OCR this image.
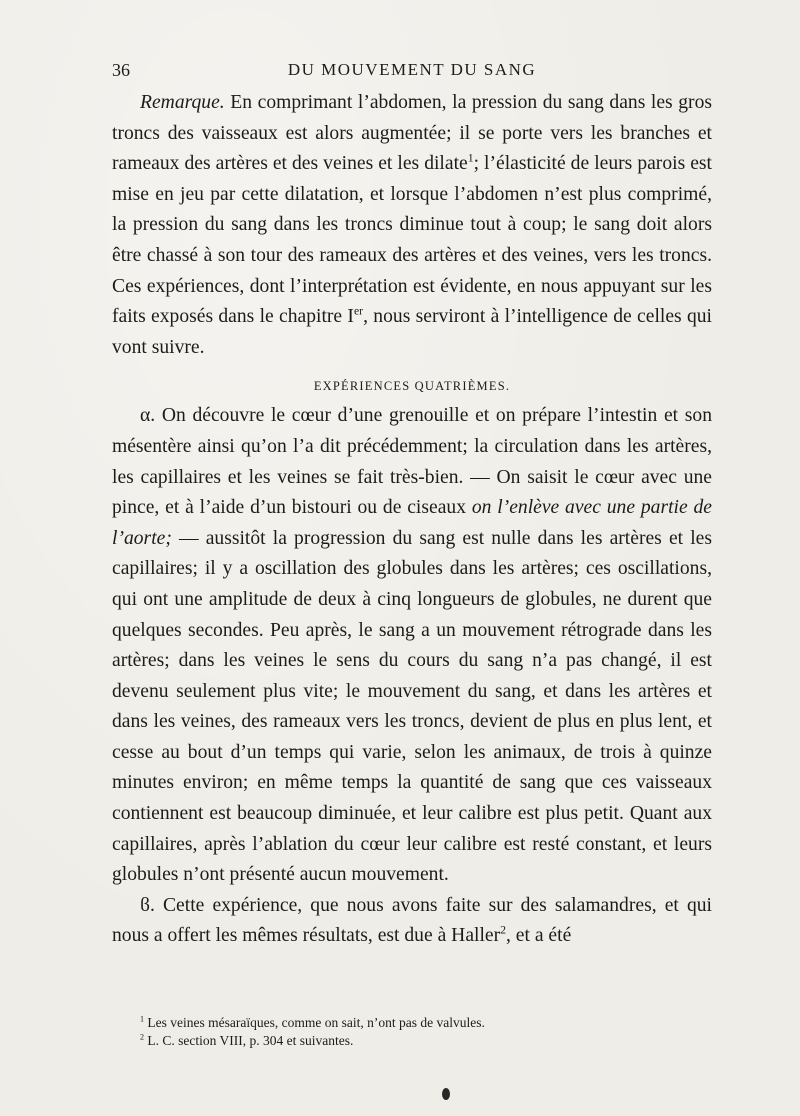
36	DU MOUVEMENT DU SANG

Remarque. En comprimant l’abdomen, la pression du sang dans les gros troncs des vaisseaux est alors augmentée; il se porte vers les branches et rameaux des artères et des veines et les dilate$^1$; l’élasticité de leurs parois est mise en jeu par cette dilatation, et lorsque l’abdomen n’est plus comprimé, la pression du sang dans les troncs diminue tout à coup; le sang doit alors être chassé à son tour des rameaux des artères et des veines, vers les troncs. Ces expériences, dont l’interprétation est évidente, en nous appuyant sur les faits exposés dans le chapitre Ier, nous serviront à l’intelligence de celles qui vont suivre.

EXPÉRIENCES QUATRIÈMES.

α. On découvre le cœur d’une grenouille et on prépare l’intestin et son mésentère ainsi qu’on l’a dit précédemment; la circulation dans les artères, les capillaires et les veines se fait très-bien. — On saisit le cœur avec une pince, et à l’aide d’un bistouri ou de ciseaux on l’enlève avec une partie de l’aorte; — aussitôt la progression du sang est nulle dans les artères et les capillaires; il y a oscillation des globules dans les artères; ces oscillations, qui ont une amplitude de deux à cinq longueurs de globules, ne durent que quelques secondes. Peu après, le sang a un mouvement rétrograde dans les artères; dans les veines le sens du cours du sang n’a pas changé, il est devenu seulement plus vite; le mouvement du sang, et dans les artères et dans les veines, des rameaux vers les troncs, devient de plus en plus lent, et cesse au bout d’un temps qui varie, selon les animaux, de trois à quinze minutes environ; en même temps la quantité de sang que ces vaisseaux contiennent est beaucoup diminuée, et leur calibre est plus petit. Quant aux capillaires, après l’ablation du cœur leur calibre est resté constant, et leurs globules n’ont présenté aucun mouvement.

ϐ. Cette expérience, que nous avons faite sur des salamandres, et qui nous a offert les mêmes résultats, est due à Haller$^2$, et a été

$^1$ Les veines mésaraïques, comme on sait, n’ont pas de valvules.

$^2$ L. C. section VIII, p. 304 et suivantes.
